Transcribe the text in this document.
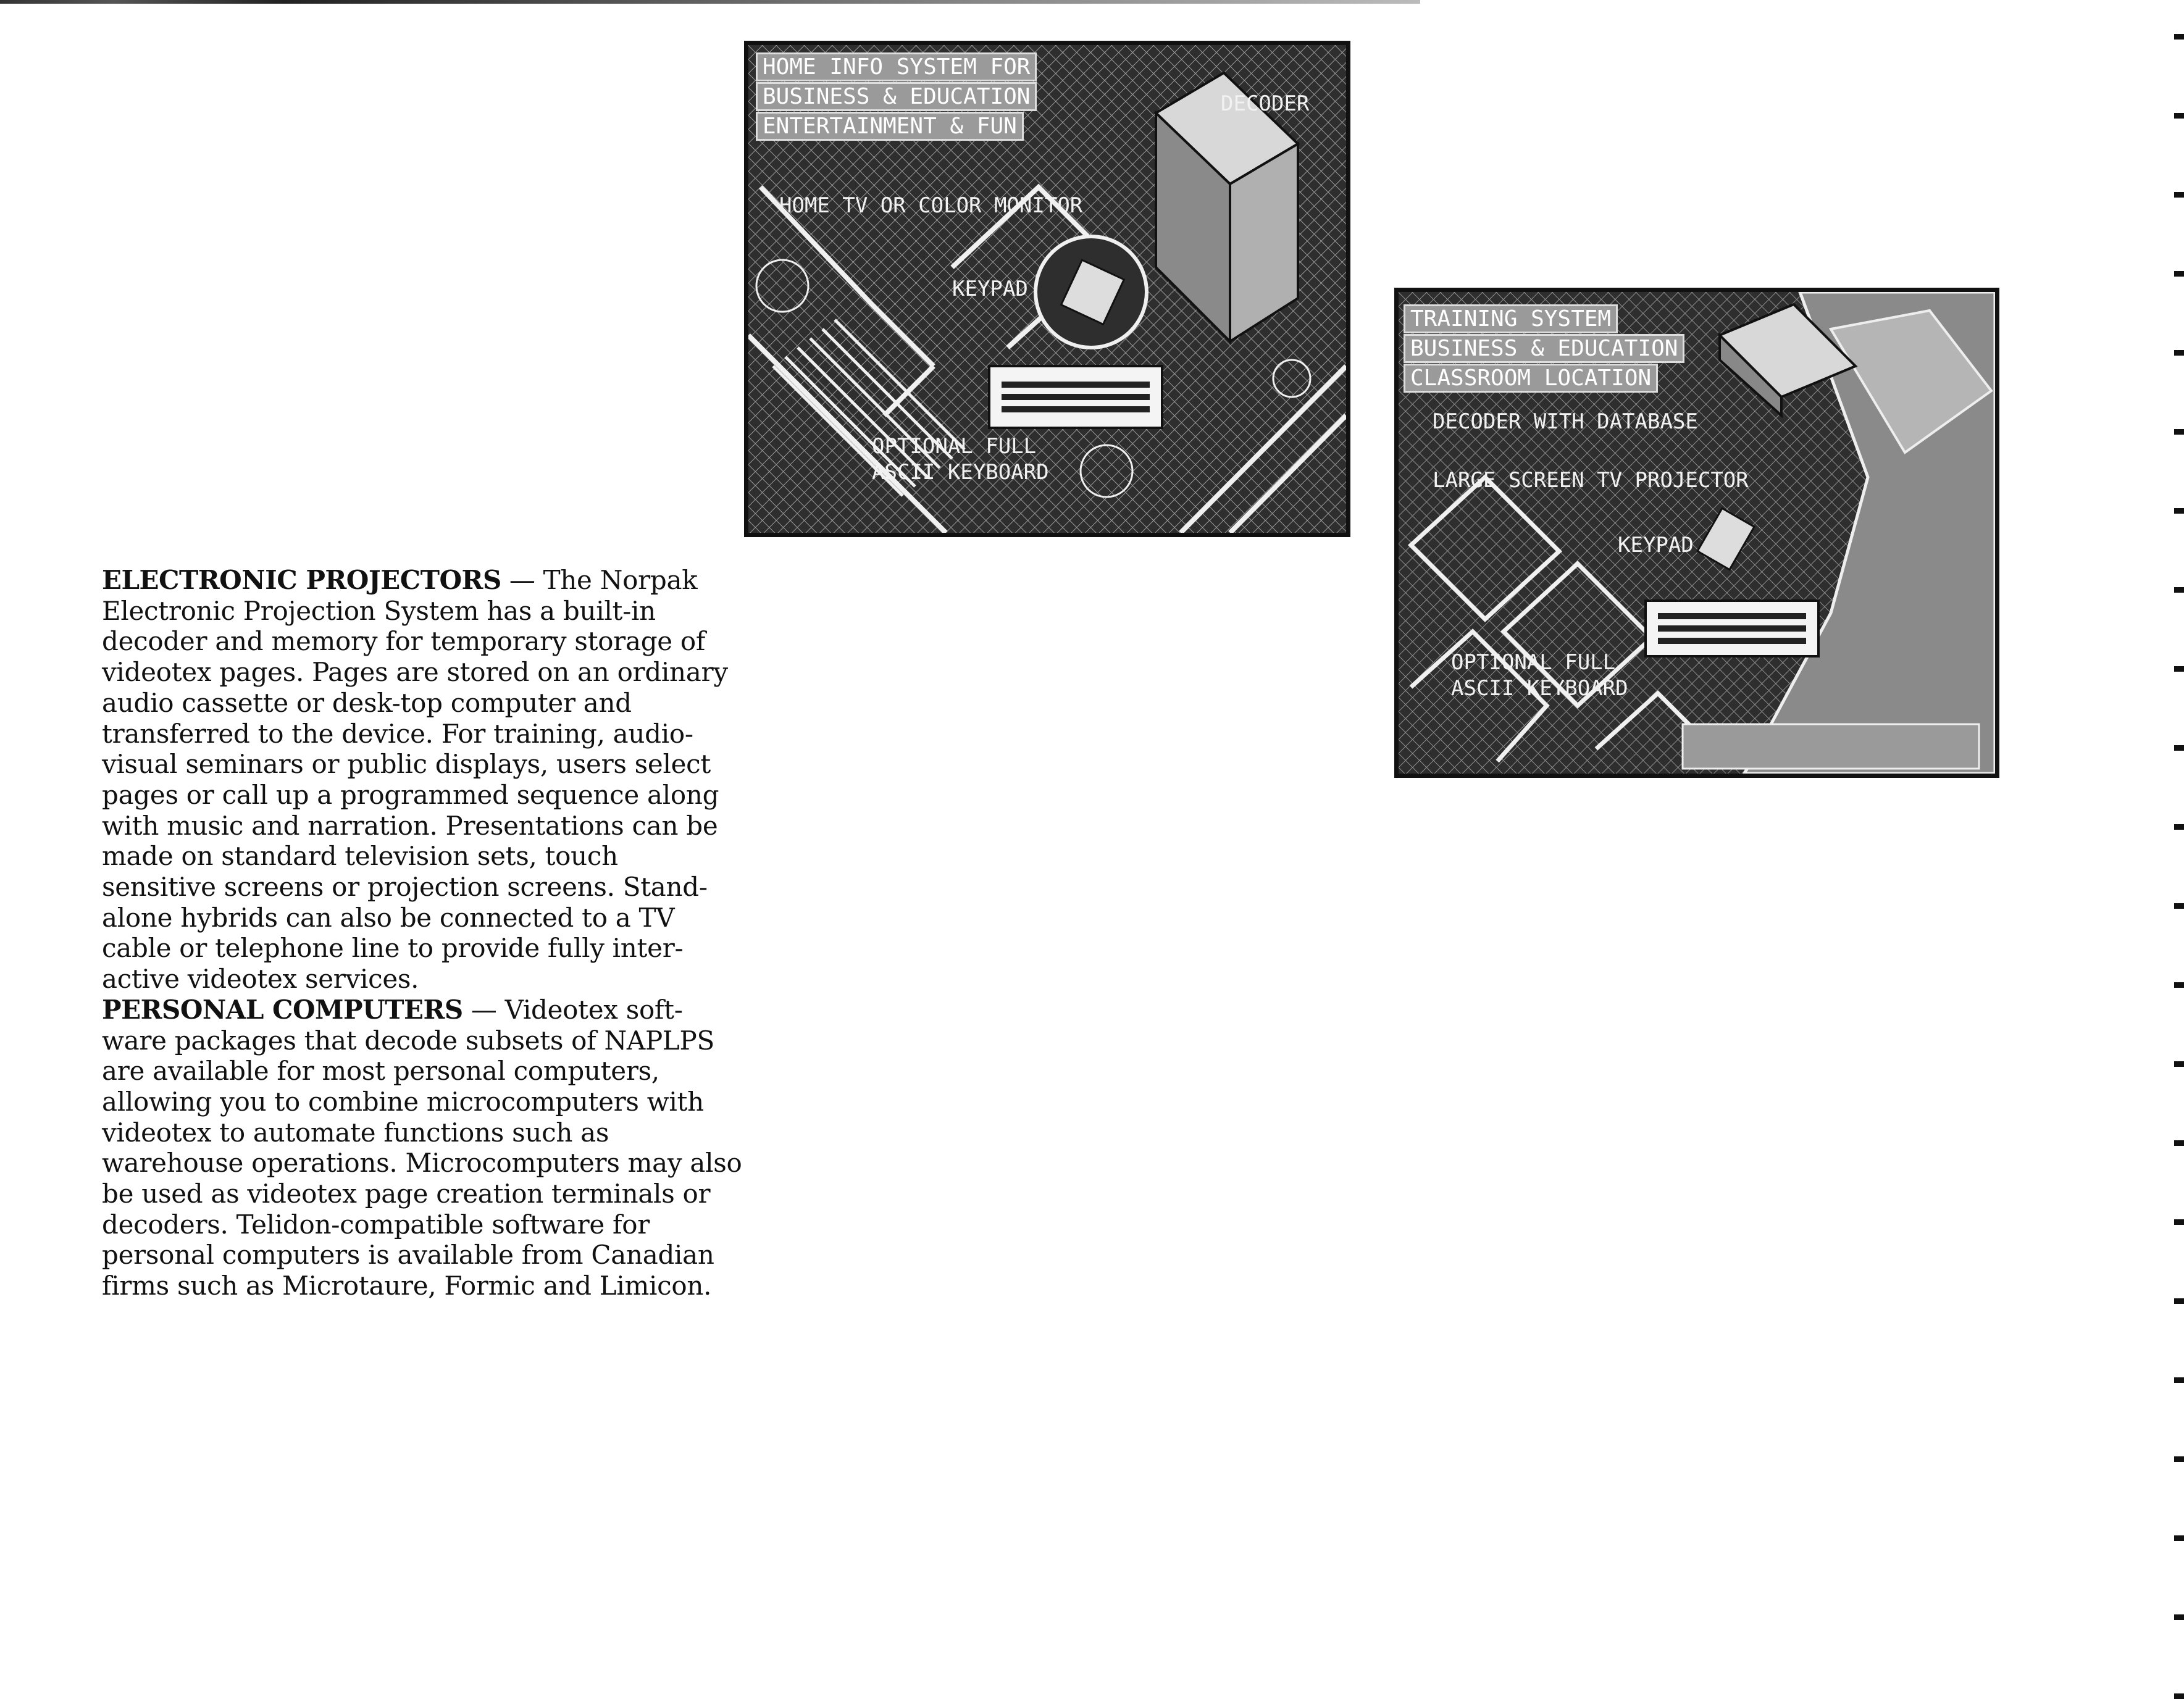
ELECTRONIC PROJECTORS — The Norpak
Electronic Projection System has a built-in
decoder and memory for temporary storage of
videotex pages. Pages are stored on an ordinary
audio cassette or desk-top computer and
transferred to the device. For training, audio-
visual seminars or public displays, users select
pages or call up a programmed sequence along
with music and narration. Presentations can be
made on standard television sets, touch
sensitive screens or projection screens. Stand-
alone hybrids can also be connected to a TV
cable or telephone line to provide fully inter-
active videotex services.
PERSONAL COMPUTERS — Videotex soft-
ware packages that decode subsets of NAPLPS
are available for most personal computers,
allowing you to combine microcomputers with
videotex to automate functions such as
warehouse operations. Microcomputers may also
be used as videotex page creation terminals or
decoders. Telidon-compatible software for
personal computers is available from Canadian
firms such as Microtaure, Formic and Limicon.
HOME INFO SYSTEM FOR
BUSINESS & EDUCATION
ENTERTAINMENT & FUN
DECODER
HOME TV OR COLOR MONITOR
KEYPAD
OPTIONAL FULL
ASCII KEYBOARD
TRAINING SYSTEM
BUSINESS & EDUCATION
CLASSROOM LOCATION
DECODER WITH DATABASE
LARGE SCREEN TV PROJECTOR
KEYPAD
OPTIONAL FULL
ASCII KEYBOARD
